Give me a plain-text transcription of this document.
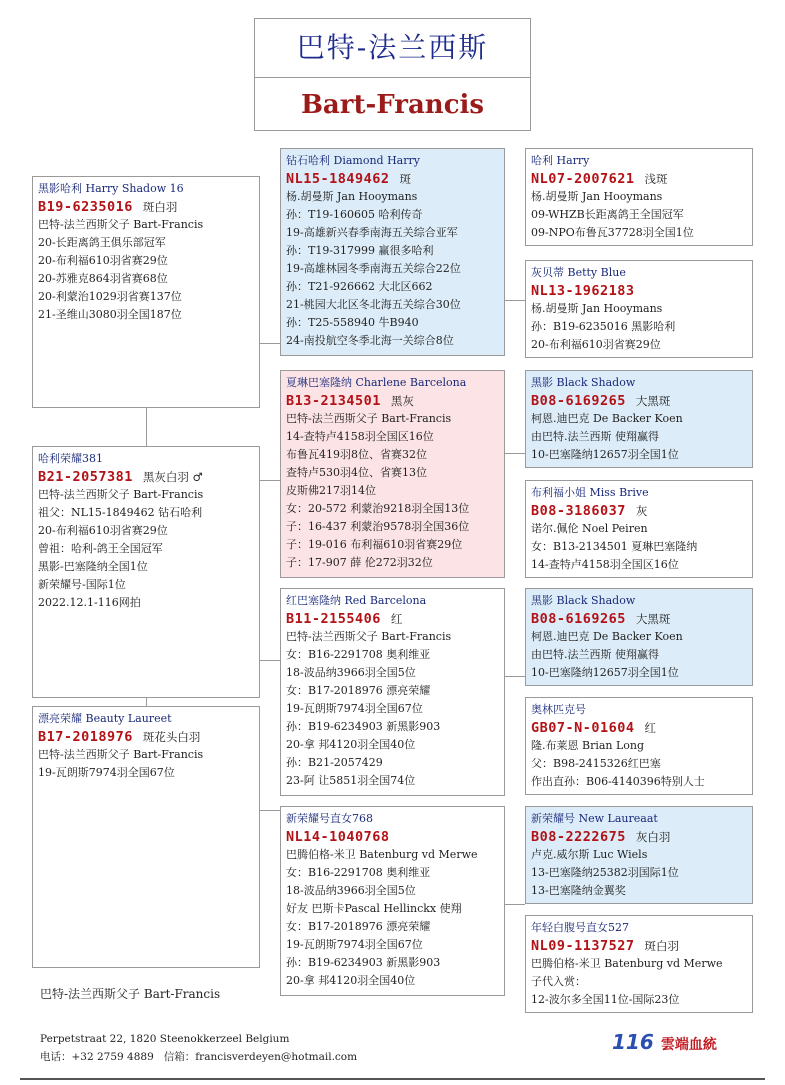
巴特-法兰西斯
Bart-Francis
黑影哈利 Harry Shadow 16
B19-6235016 斑白羽
巴特-法兰西斯父子 Bart-Francis
20-长距离鸽王俱乐部冠军
20-布利福610羽省赛29位
20-苏雅克864羽省赛68位
20-利蒙治1029羽省赛137位
21-圣维山3080羽全国187位
哈利荣耀381
B21-2057381 黑灰白羽 ♂
巴特-法兰西斯父子 Bart-Francis
祖父：NL15-1849462 钻石哈利
20-布利福610羽省赛29位
曾祖：哈利-鸽王全国冠军
黑影-巴塞隆纳全国1位
新荣耀号-国际1位
2022.12.1-116网拍
漂亮荣耀 Beauty Laureet
B17-2018976 斑花头白羽
巴特-法兰西斯父子 Bart-Francis
19-瓦朗斯7974羽全国67位
钻石哈利 Diamond Harry
NL15-1849462 斑
杨.胡曼斯 Jan Hooymans
孙：T19-160605 哈利传奇
19-高雄新兴春季南海五关综合亚军
孙：T19-317999 赢很多哈利
19-高雄林园冬季南海五关综合22位
孙：T21-926662 大北区662
21-桃园大北区冬北海五关综合30位
孙：T25-558940 牛B940
24-南投航空冬季北海一关综合8位
夏琳巴塞隆纳 Charlene Barcelona
B13-2134501 黑灰
巴特-法兰西斯父子 Bart-Francis
14-查特卢4158羽全国区16位
布鲁瓦419羽8位、省赛32位
查特卢530羽4位、省赛13位
皮斯佛217羽14位
女：20-572 利蒙治9218羽全国13位
子：16-437 利蒙治9578羽全国36位
子：19-016 布利福610羽省赛29位
子：17-907 薛 伦272羽32位
红巴塞隆纳 Red Barcelona
B11-2155406 红
巴特-法兰西斯父子 Bart-Francis
女：B16-2291708 奥利维亚
18-波品纳3966羽全国5位
女：B17-2018976 漂亮荣耀
19-瓦朗斯7974羽全国67位
孙：B19-6234903 新黑影903
20-拿 邦4120羽全国40位
孙：B21-2057429
23-阿 让5851羽全国74位
新荣耀号直女768
NL14-1040768
巴腾伯格-米卫 Batenburg vd Merwe
女：B16-2291708 奥利维亚
18-波品纳3966羽全国5位
好友 巴斯卡Pascal Hellinckx 使翔
女：B17-2018976 漂亮荣耀
19-瓦朗斯7974羽全国67位
孙：B19-6234903 新黑影903
20-拿 邦4120羽全国40位
哈利 Harry
NL07-2007621 浅斑
杨.胡曼斯 Jan Hooymans
09-WHZB长距离鸽王全国冠军
09-NPO布鲁瓦37728羽全国1位
灰贝蒂 Betty Blue
NL13-1962183
杨.胡曼斯 Jan Hooymans
孙：B19-6235016 黑影哈利
20-布利福610羽省赛29位
黑影 Black Shadow
B08-6169265 大黑斑
柯恩.迪巴克 De Backer Koen
由巴特.法兰西斯 使翔赢得
10-巴塞隆纳12657羽全国1位
布利福小姐 Miss Brive
B08-3186037 灰
诺尔.佩伦 Noel Peiren
女：B13-2134501 夏琳巴塞隆纳
14-查特卢4158羽全国区16位
黑影 Black Shadow
B08-6169265 大黑斑
柯恩.迪巴克 De Backer Koen
由巴特.法兰西斯 使翔赢得
10-巴塞隆纳12657羽全国1位
奥林匹克号
GB07-N-01604 红
隆.布莱恩 Brian Long
父：B98-2415326红巴塞
作出直孙：B06-4140396特别人士
新荣耀号 New Laureaat
B08-2222675 灰白羽
卢克.威尔斯 Luc Wiels
13-巴塞隆纳25382羽国际1位
13-巴塞隆纳金翼奖
年轻白腹号直女527
NL09-1137527 斑白羽
巴腾伯格-米卫 Batenburg vd Merwe
子代入赏：
12-波尔多全国11位-国际23位
巴特-法兰西斯父子 Bart-Francis
Perpetstraat 22, 1820 Steenokkerzeel Belgium
电话：+32 2759 4889   信箱：francisverdeyen@hotmail.com
116 雲端血統
